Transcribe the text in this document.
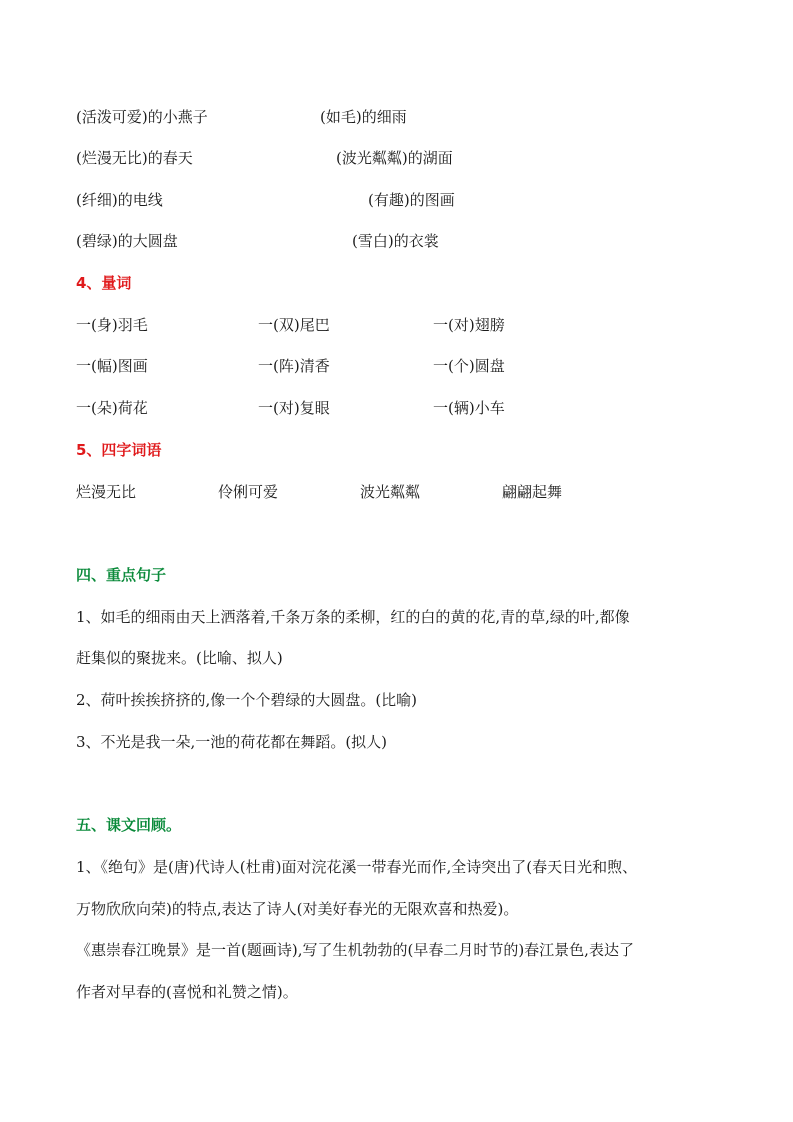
(活泼可爱)的小燕子	(如毛)的细雨
(烂漫无比)的春天	(波光粼粼)的湖面
(纤细)的电线	(有趣)的图画
(碧绿)的大圆盘	(雪白)的衣裳
4、量词
一(身)羽毛	一(双)尾巴	一(对)翅膀
一(幅)图画	一(阵)清香	一(个)圆盘
一(朵)荷花	一(对)复眼	一(辆)小车
5、四字词语
烂漫无比	伶俐可爱	波光粼粼	翩翩起舞
四、重点句子
1、如毛的细雨由天上洒落着,千条万条的柔柳，红的白的黄的花,青的草,绿的叶,都像
赶集似的聚拢来。(比喻、拟人)
2、荷叶挨挨挤挤的,像一个个碧绿的大圆盘。(比喻)
3、不光是我一朵,一池的荷花都在舞蹈。(拟人)
五、课文回顾。
1、《绝句》是(唐)代诗人(杜甫)面对浣花溪一带春光而作,全诗突出了(春天日光和煦、
万物欣欣向荣)的特点,表达了诗人(对美好春光的无限欢喜和热爱)。
《惠崇春江晚景》是一首(题画诗),写了生机勃勃的(早春二月时节的)春江景色,表达了
作者对早春的(喜悦和礼赞之情)。
